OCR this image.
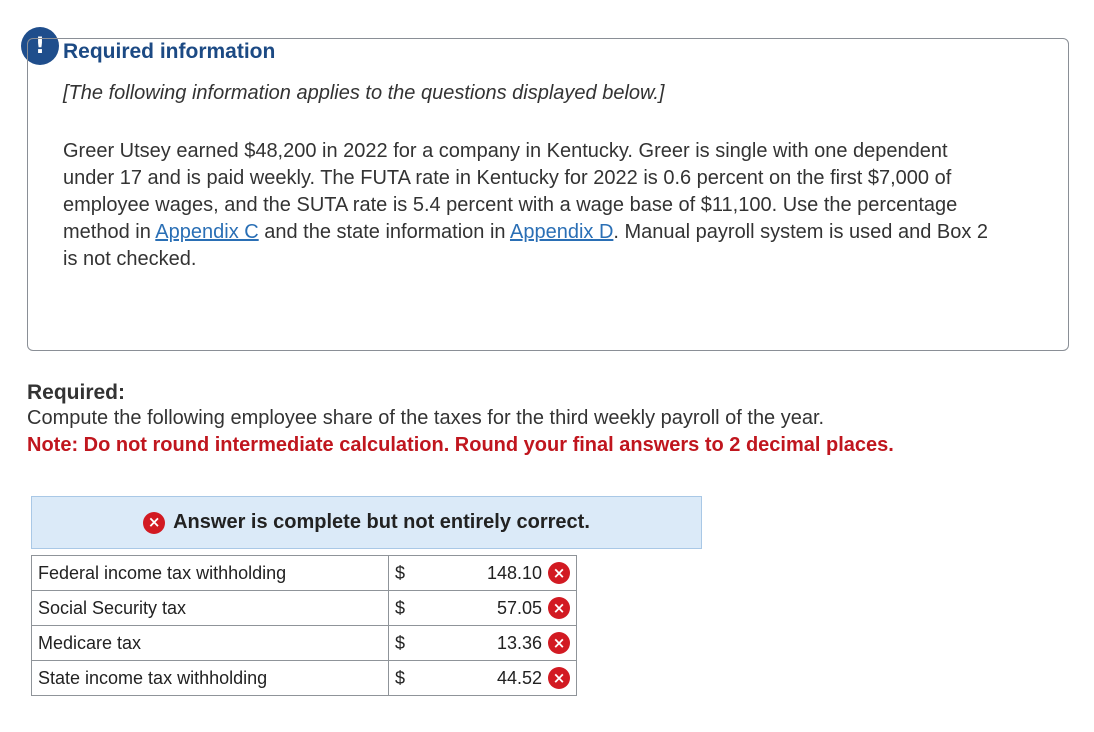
! Required information
[The following information applies to the questions displayed below.]
Greer Utsey earned $48,200 in 2022 for a company in Kentucky. Greer is single with one dependent under 17 and is paid weekly. The FUTA rate in Kentucky for 2022 is 0.6 percent on the first $7,000 of employee wages, and the SUTA rate is 5.4 percent with a wage base of $11,100. Use the percentage method in Appendix C and the state information in Appendix D. Manual payroll system is used and Box 2 is not checked.
Required:
Compute the following employee share of the taxes for the third weekly payroll of the year.
Note: Do not round intermediate calculation. Round your final answers to 2 decimal places.
× Answer is complete but not entirely correct.
Federal income tax withholding	$	148.10 ×
Social Security tax	$	57.05 ×
Medicare tax	$	13.36 ×
State income tax withholding	$	44.52 ×
